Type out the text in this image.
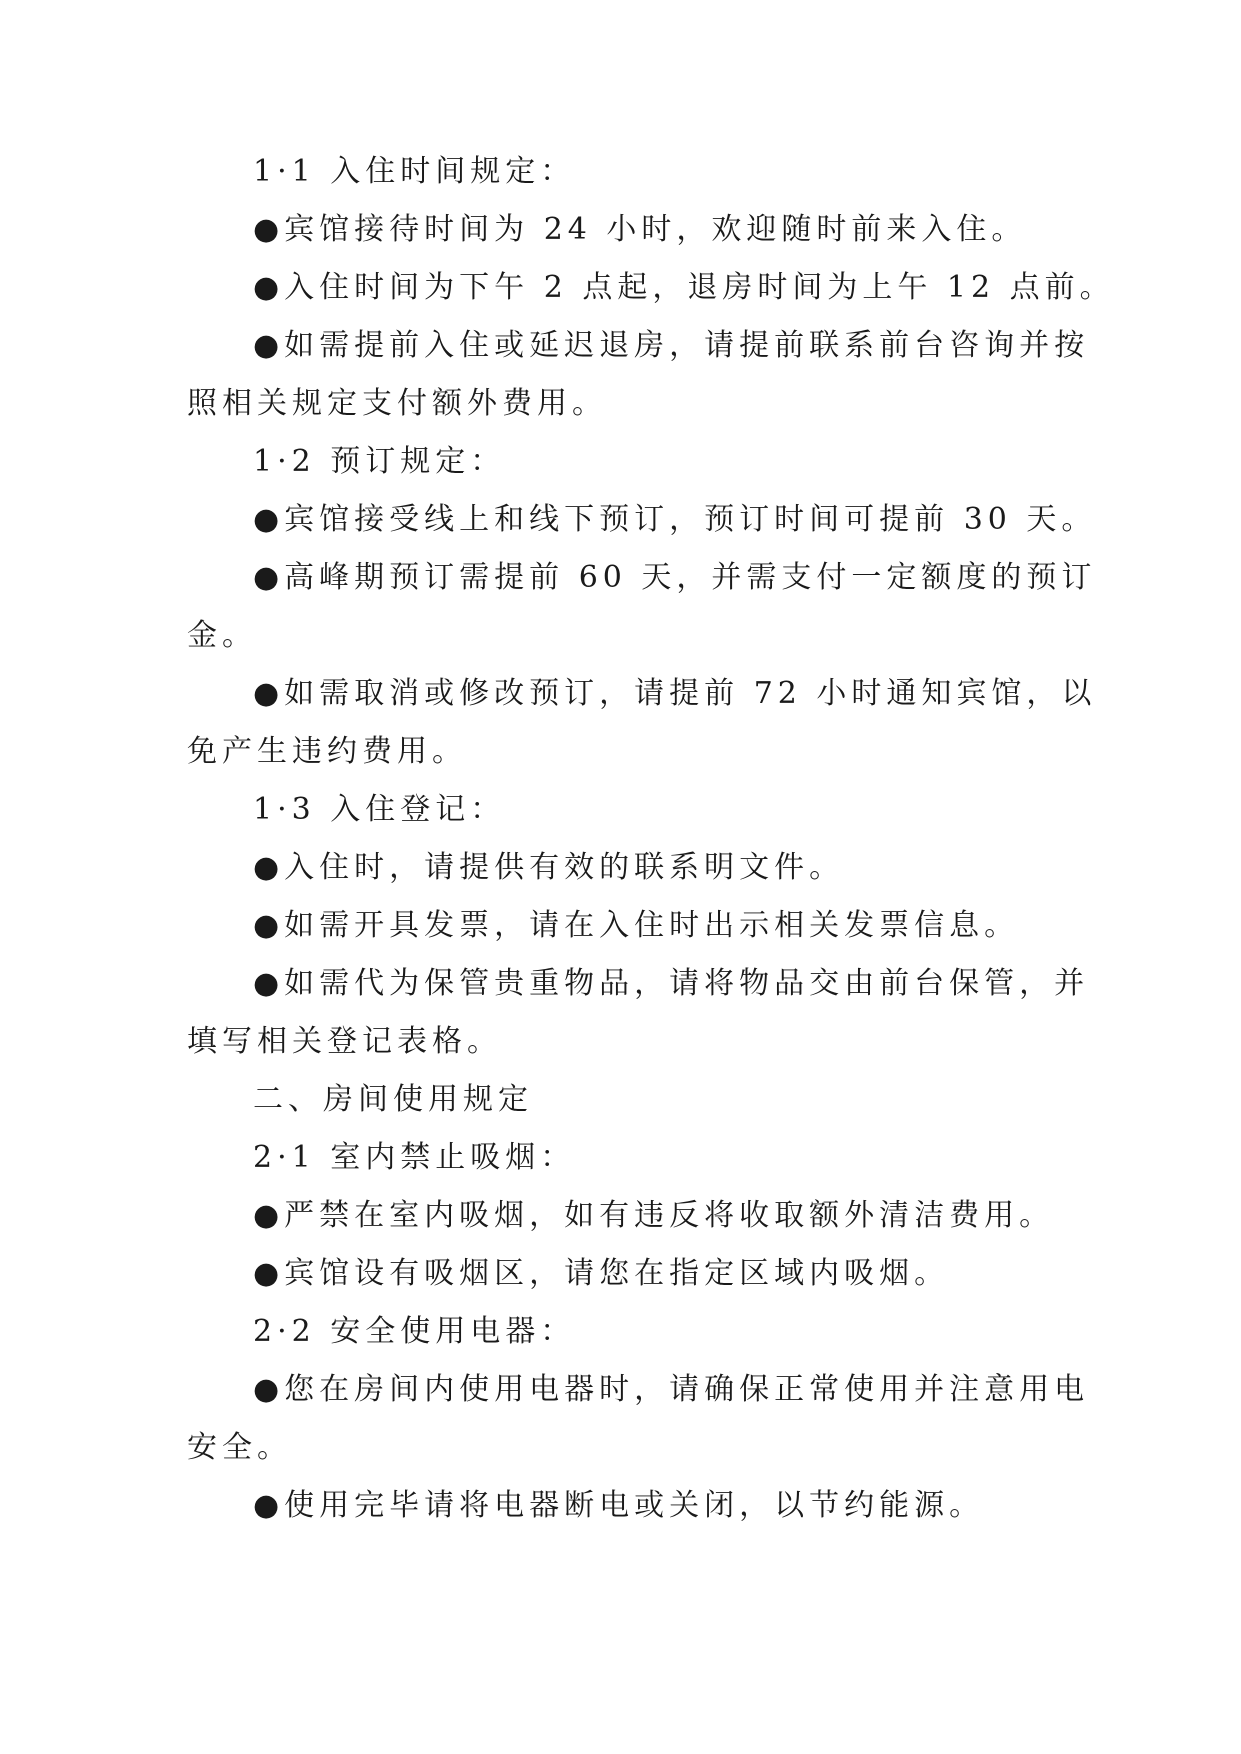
1·1 入住时间规定：
●宾馆接待时间为 24 小时，欢迎随时前来入住。
●入住时间为下午 2 点起，退房时间为上午 12 点前。
●如需提前入住或延迟退房，请提前联系前台咨询并按
照相关规定支付额外费用。
1·2 预订规定：
●宾馆接受线上和线下预订，预订时间可提前 30 天。
●高峰期预订需提前 60 天，并需支付一定额度的预订
金。
●如需取消或修改预订，请提前 72 小时通知宾馆，以
免产生违约费用。
1·3 入住登记：
●入住时，请提供有效的联系明文件。
●如需开具发票，请在入住时出示相关发票信息。
●如需代为保管贵重物品，请将物品交由前台保管，并
填写相关登记表格。
二、房间使用规定
2·1 室内禁止吸烟：
●严禁在室内吸烟，如有违反将收取额外清洁费用。
●宾馆设有吸烟区，请您在指定区域内吸烟。
2·2 安全使用电器：
●您在房间内使用电器时，请确保正常使用并注意用电
安全。
●使用完毕请将电器断电或关闭，以节约能源。
